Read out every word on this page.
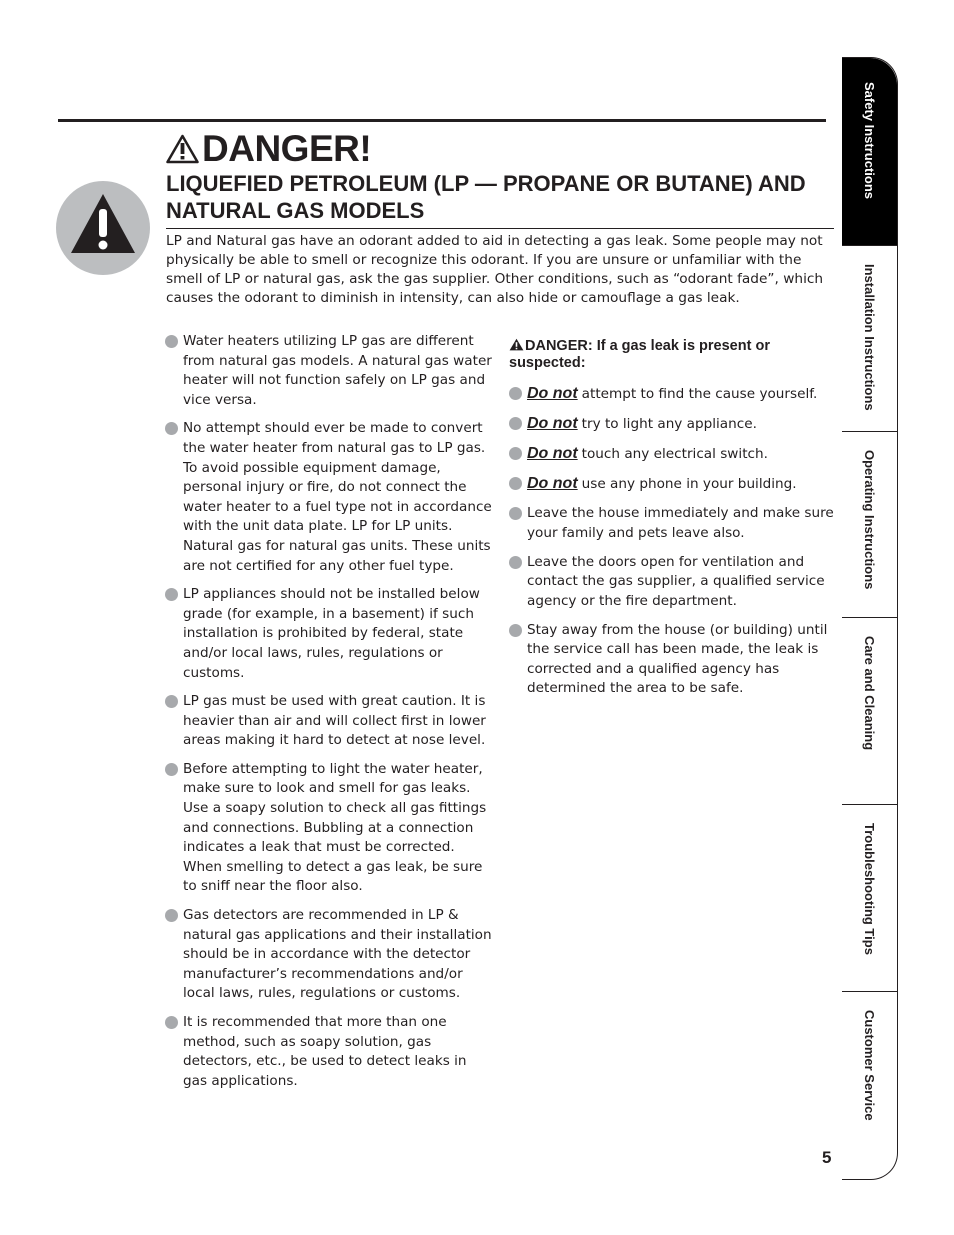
DANGER!
LIQUEFIED PETROLEUM (LP — PROPANE OR BUTANE) AND NATURAL GAS MODELS
LP and Natural gas have an odorant added to aid in detecting a gas leak. Some people may not physically be able to smell or recognize this odorant. If you are unsure or unfamiliar with the smell of LP or natural gas, ask the gas supplier. Other conditions, such as “odorant fade”, which causes the odorant to diminish in intensity, can also hide or camouflage a gas leak.
Water heaters utilizing LP gas are different from natural gas models. A natural gas water heater will not function safely on LP gas and vice versa.
No attempt should ever be made to convert the water heater from natural gas to LP gas. To avoid possible equipment damage, personal injury or fire, do not connect the water heater to a fuel type not in accordance with the unit data plate. LP for LP units. Natural gas for natural gas units. These units are not certified for any other fuel type.
LP appliances should not be installed below grade (for example, in a basement) if such installation is prohibited by federal, state and/or local laws, rules, regulations or customs.
LP gas must be used with great caution. It is heavier than air and will collect first in lower areas making it hard to detect at nose level.
Before attempting to light the water heater, make sure to look and smell for gas leaks. Use a soapy solution to check all gas fittings and connections. Bubbling at a connection indicates a leak that must be corrected. When smelling to detect a gas leak, be sure to sniff near the floor also.
Gas detectors are recommended in LP & natural gas applications and their installation should be in accordance with the detector manufacturer’s recommendations and/or local laws, rules, regulations or customs.
It is recommended that more than one method, such as soapy solution, gas detectors, etc., be used to detect leaks in gas applications.
DANGER: If a gas leak is present or suspected:
Do not attempt to find the cause yourself.
Do not try to light any appliance.
Do not touch any electrical switch.
Do not use any phone in your building.
Leave the house immediately and make sure your family and pets leave also.
Leave the doors open for ventilation and contact the gas supplier, a qualified service agency or the fire department.
Stay away from the house (or building) until the service call has been made, the leak is corrected and a qualified agency has determined the area to be safe.
5
Safety Instructions
Installation Instructions
Operating Instructions
Care and Cleaning
Troubleshooting Tips
Customer Service
